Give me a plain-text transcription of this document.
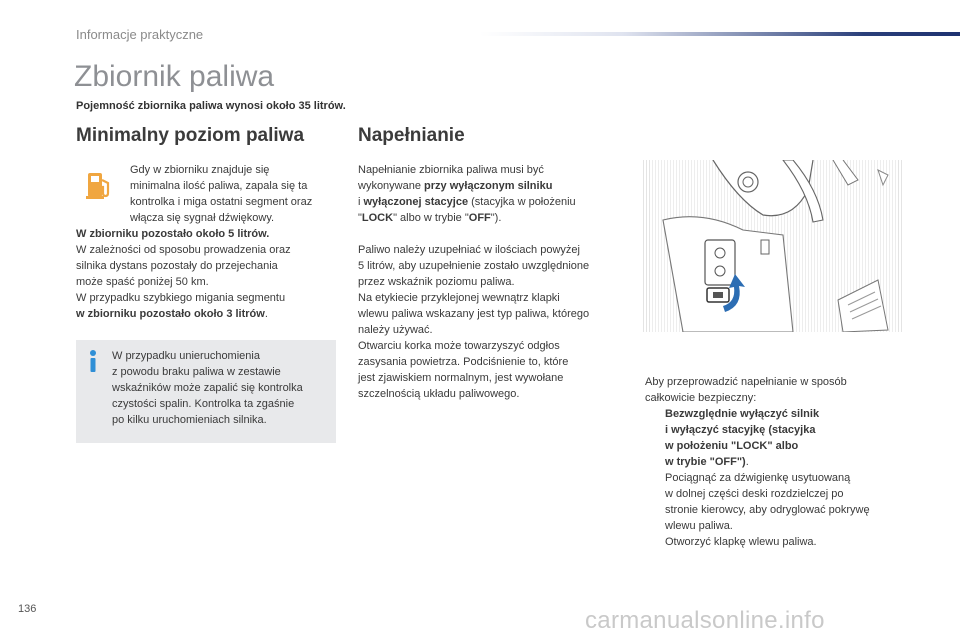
Informacje praktyczne
Zbiornik paliwa
Pojemność zbiornika paliwa wynosi około 35 litrów.
Minimalny poziom paliwa
Gdy w zbiorniku znajduje się
minimalna ilość paliwa, zapala się ta
kontrolka i miga ostatni segment oraz
włącza się sygnał dźwiękowy.
W zbiorniku pozostało około 5 litrów.
W zależności od sposobu prowadzenia oraz
silnika dystans pozostały do przejechania
może spaść poniżej 50 km.
W przypadku szybkiego migania segmentu
w zbiorniku pozostało około 3 litrów.
W przypadku unieruchomienia
z powodu braku paliwa w zestawie
wskaźników może zapalić się kontrolka
czystości spalin. Kontrolka ta zgaśnie
po kilku uruchomieniach silnika.
Napełnianie
Napełnianie zbiornika paliwa musi być
wykonywane przy wyłączonym silniku
i wyłączonej stacyjce (stacyjka w położeniu
"LOCK" albo w trybie "OFF").
Paliwo należy uzupełniać w ilościach powyżej
5 litrów, aby uzupełnienie zostało uwzględnione
przez wskaźnik poziomu paliwa.
Na etykiecie przyklejonej wewnątrz klapki
wlewu paliwa wskazany jest typ paliwa, którego
należy używać.
Otwarciu korka może towarzyszyć odgłos
zasysania powietrza. Podciśnienie to, które
jest zjawiskiem normalnym, jest wywołane
szczelnością układu paliwowego.
Aby przeprowadzić napełnianie w sposób
całkowicie bezpieczny:
Bezwzględnie wyłączyć silnik
i wyłączyć stacyjkę (stacyjka
w położeniu "LOCK" albo
w trybie "OFF").
Pociągnąć za dźwigienkę usytuowaną
w dolnej części deski rozdzielczej po
stronie kierowcy, aby odryglować pokrywę
wlewu paliwa.
Otworzyć klapkę wlewu paliwa.
136	carmanualsonline.info
